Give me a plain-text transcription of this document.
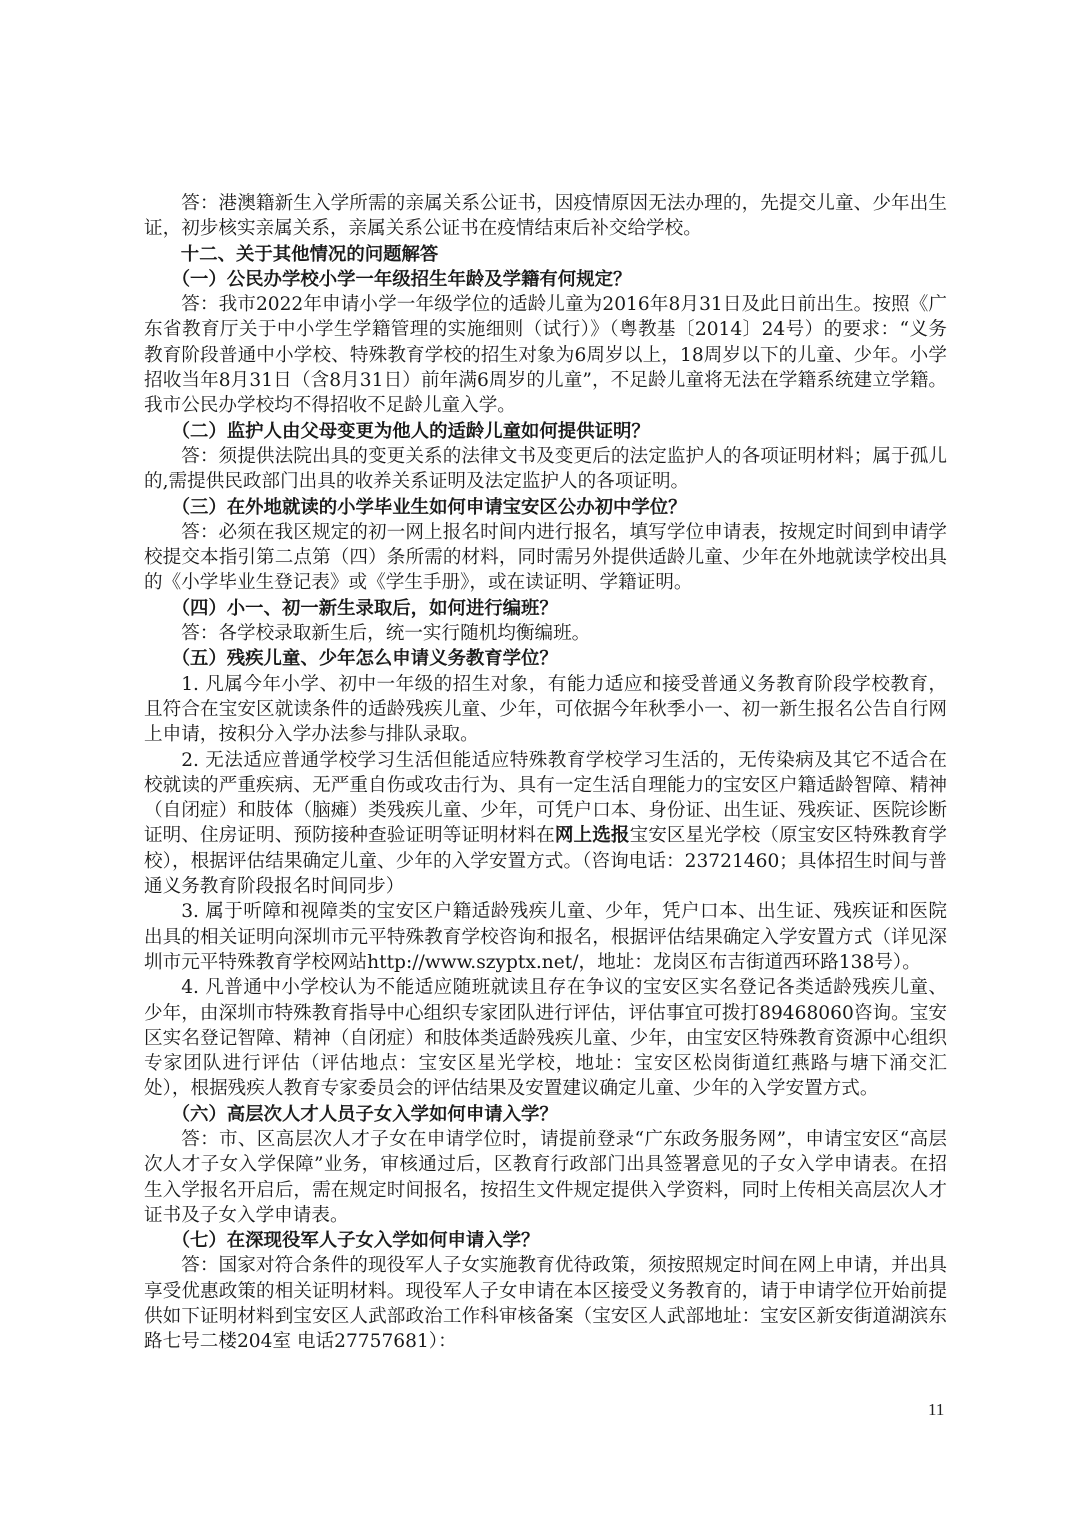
答：港澳籍新生入学所需的亲属关系公证书，因疫情原因无法办理的，先提交儿童、少年出生证，初步核实亲属关系，亲属关系公证书在疫情结束后补交给学校。

十二、关于其他情况的问题解答

（一）公民办学校小学一年级招生年龄及学籍有何规定？

答：我市2022年申请小学一年级学位的适龄儿童为2016年8月31日及此日前出生。按照《广东省教育厅关于中小学生学籍管理的实施细则（试行）》（粤教基〔2014〕24号）的要求：“义务教育阶段普通中小学校、特殊教育学校的招生对象为6周岁以上，18周岁以下的儿童、少年。小学招收当年8月31日（含8月31日）前年满6周岁的儿童”，不足龄儿童将无法在学籍系统建立学籍。我市公民办学校均不得招收不足龄儿童入学。

（二）监护人由父母变更为他人的适龄儿童如何提供证明？

答：须提供法院出具的变更关系的法律文书及变更后的法定监护人的各项证明材料；属于孤儿的,需提供民政部门出具的收养关系证明及法定监护人的各项证明。

（三）在外地就读的小学毕业生如何申请宝安区公办初中学位？

答：必须在我区规定的初一网上报名时间内进行报名，填写学位申请表，按规定时间到申请学校提交本指引第二点第（四）条所需的材料，同时需另外提供适龄儿童、少年在外地就读学校出具的《小学毕业生登记表》或《学生手册》，或在读证明、学籍证明。

（四）小一、初一新生录取后，如何进行编班？

答：各学校录取新生后，统一实行随机均衡编班。

（五）残疾儿童、少年怎么申请义务教育学位？

1. 凡属今年小学、初中一年级的招生对象，有能力适应和接受普通义务教育阶段学校教育，且符合在宝安区就读条件的适龄残疾儿童、少年，可依据今年秋季小一、初一新生报名公告自行网上申请，按积分入学办法参与排队录取。

2. 无法适应普通学校学习生活但能适应特殊教育学校学习生活的，无传染病及其它不适合在校就读的严重疾病、无严重自伤或攻击行为、具有一定生活自理能力的宝安区户籍适龄智障、精神（自闭症）和肢体（脑瘫）类残疾儿童、少年，可凭户口本、身份证、出生证、残疾证、医院诊断证明、住房证明、预防接种查验证明等证明材料在网上选报宝安区星光学校（原宝安区特殊教育学校），根据评估结果确定儿童、少年的入学安置方式。（咨询电话：23721460；具体招生时间与普通义务教育阶段报名时间同步）

3. 属于听障和视障类的宝安区户籍适龄残疾儿童、少年，凭户口本、出生证、残疾证和医院出具的相关证明向深圳市元平特殊教育学校咨询和报名，根据评估结果确定入学安置方式（详见深圳市元平特殊教育学校网站http://www.szyptx.net/，地址：龙岗区布吉街道西环路138号）。

4. 凡普通中小学校认为不能适应随班就读且存在争议的宝安区实名登记各类适龄残疾儿童、少年，由深圳市特殊教育指导中心组织专家团队进行评估，评估事宜可拨打89468060咨询。宝安区实名登记智障、精神（自闭症）和肢体类适龄残疾儿童、少年，由宝安区特殊教育资源中心组织专家团队进行评估（评估地点：宝安区星光学校，地址：宝安区松岗街道红燕路与塘下涌交汇处），根据残疾人教育专家委员会的评估结果及安置建议确定儿童、少年的入学安置方式。

（六）高层次人才人员子女入学如何申请入学？

答：市、区高层次人才子女在申请学位时，请提前登录“广东政务服务网”，申请宝安区“高层次人才子女入学保障”业务，审核通过后，区教育行政部门出具签署意见的子女入学申请表。在招生入学报名开启后，需在规定时间报名，按招生文件规定提供入学资料，同时上传相关高层次人才证书及子女入学申请表。

（七）在深现役军人子女入学如何申请入学？

答：国家对符合条件的现役军人子女实施教育优待政策，须按照规定时间在网上申请，并出具享受优惠政策的相关证明材料。现役军人子女申请在本区接受义务教育的，请于申请学位开始前提供如下证明材料到宝安区人武部政治工作科审核备案（宝安区人武部地址：宝安区新安街道湖滨东路七号二楼204室 电话27757681）：

11
